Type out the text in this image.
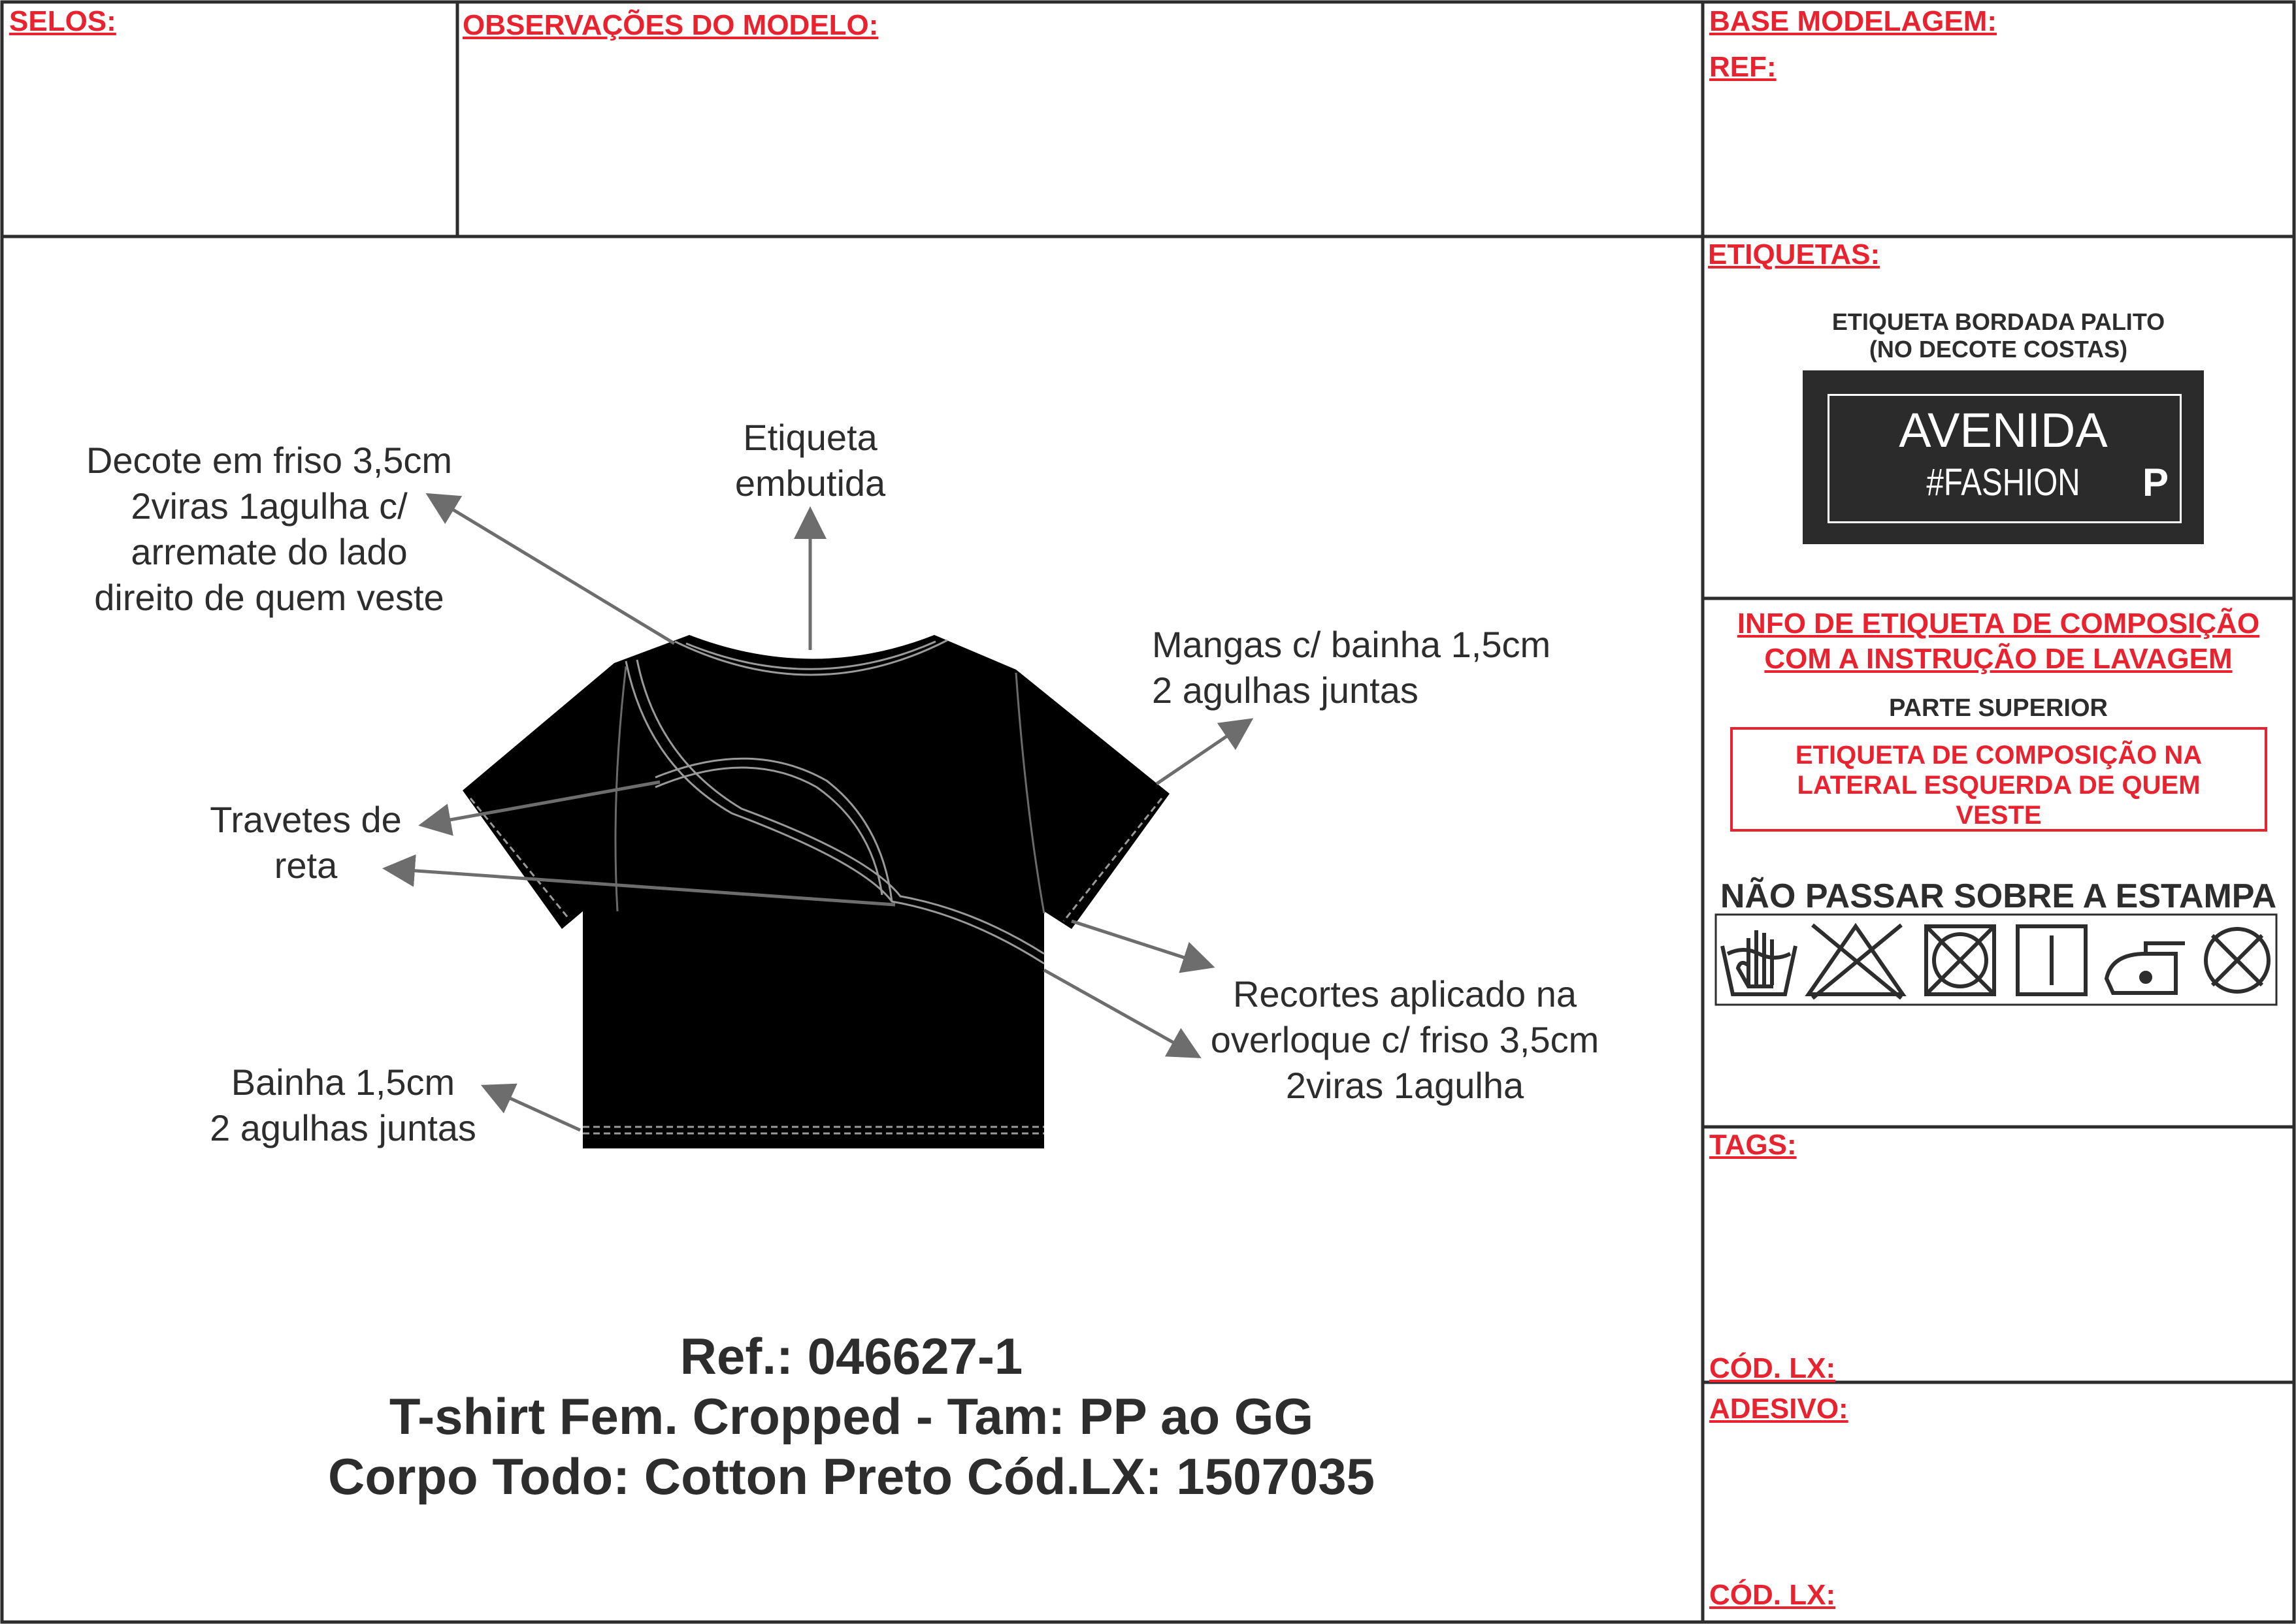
SELOS:	OBSERVAÇÕES DO MODELO:	BASE MODELAGEM:
REF:
Decote em friso 3,5cm
2viras 1agulha c/
arremate do lado
direito de quem veste
Etiqueta
embutida
Mangas c/ bainha 1,5cm
2 agulhas juntas
Travetes de
reta
Recortes aplicado na
overloque c/ friso 3,5cm
2viras 1agulha
Bainha 1,5cm
2 agulhas juntas
Ref.: 046627-1
T-shirt Fem. Cropped - Tam: PP ao GG
Corpo Todo: Cotton Preto Cód.LX: 1507035
ETIQUETAS:
ETIQUETA BORDADA PALITO
(NO DECOTE COSTAS)
AVENIDA
#FASHION	P
INFO DE ETIQUETA DE COMPOSIÇÃO
COM A INSTRUÇÃO DE LAVAGEM
PARTE SUPERIOR
ETIQUETA DE COMPOSIÇÃO NA
LATERAL ESQUERDA DE QUEM
VESTE
NÃO PASSAR SOBRE A ESTAMPA
TAGS:
CÓD. LX:
ADESIVO:
CÓD. LX:
